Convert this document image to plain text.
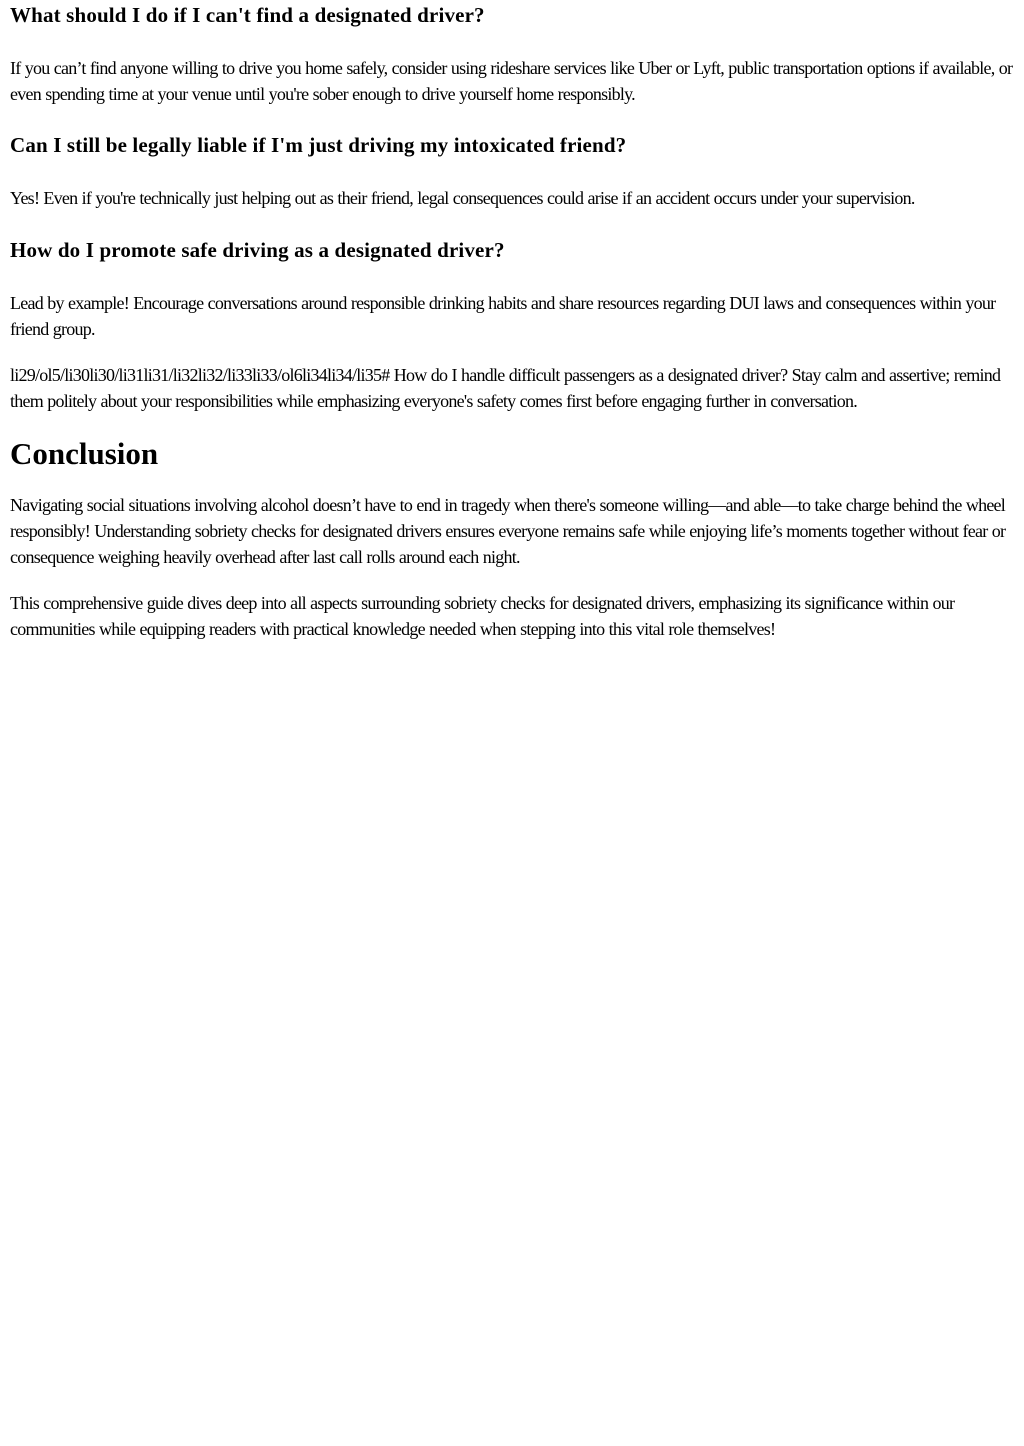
What should I do if I can't find a designated driver?

If you can’t find anyone willing to drive you home safely, consider using rideshare services like Uber or Lyft, public transportation options if available, or even spending time at your venue until you're sober enough to drive yourself home responsibly.

Can I still be legally liable if I'm just driving my intoxicated friend?

Yes! Even if you're technically just helping out as their friend, legal consequences could arise if an accident occurs under your supervision.

How do I promote safe driving as a designated driver?

Lead by example! Encourage conversations around responsible drinking habits and share resources regarding DUI laws and consequences within your friend group.

li29/ol5/li30li30/li31li31/li32li32/li33li33/ol6li34li34/li35# How do I handle difficult passengers as a designated driver? Stay calm and assertive; remind them politely about your responsibilities while emphasizing everyone's safety comes first before engaging further in conversation.

Conclusion

Navigating social situations involving alcohol doesn’t have to end in tragedy when there's someone willing—and able—to take charge behind the wheel responsibly! Understanding sobriety checks for designated drivers ensures everyone remains safe while enjoying life’s moments together without fear or consequence weighing heavily overhead after last call rolls around each night.

This comprehensive guide dives deep into all aspects surrounding sobriety checks for designated drivers, emphasizing its significance within our communities while equipping readers with practical knowledge needed when stepping into this vital role themselves!
